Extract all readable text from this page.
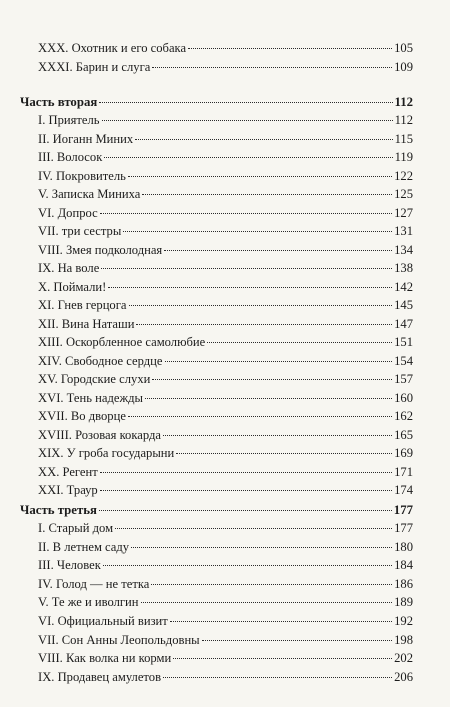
XXX. Охотник и его собака	105
XXXI. Барин и слуга	109
Часть вторая	112
I. Приятель	112
II. Иоганн Миних	115
III. Волосок	119
IV. Покровитель	122
V. Записка Миниха	125
VI. Допрос	127
VII. три сестры	131
VIII. Змея подколодная	134
IX. На воле	138
X. Поймали!	142
XI. Гнев герцога	145
XII. Вина Наташи	147
XIII. Оскорбленное самолюбие	151
XIV. Свободное сердце	154
XV. Городские слухи	157
XVI. Тень надежды	160
XVII. Во дворце	162
XVIII. Розовая кокарда	165
XIX. У гроба государыни	169
XX. Регент	171
XXI. Траур	174
Часть третья	177
I. Старый дом	177
II. В летнем саду	180
III. Человек	184
IV. Голод — не тетка	186
V. Те же и иволгин	189
VI. Официальный визит	192
VII. Сон Анны Леопольдовны	198
VIII. Как волка ни корми	202
IX. Продавец амулетов	206
